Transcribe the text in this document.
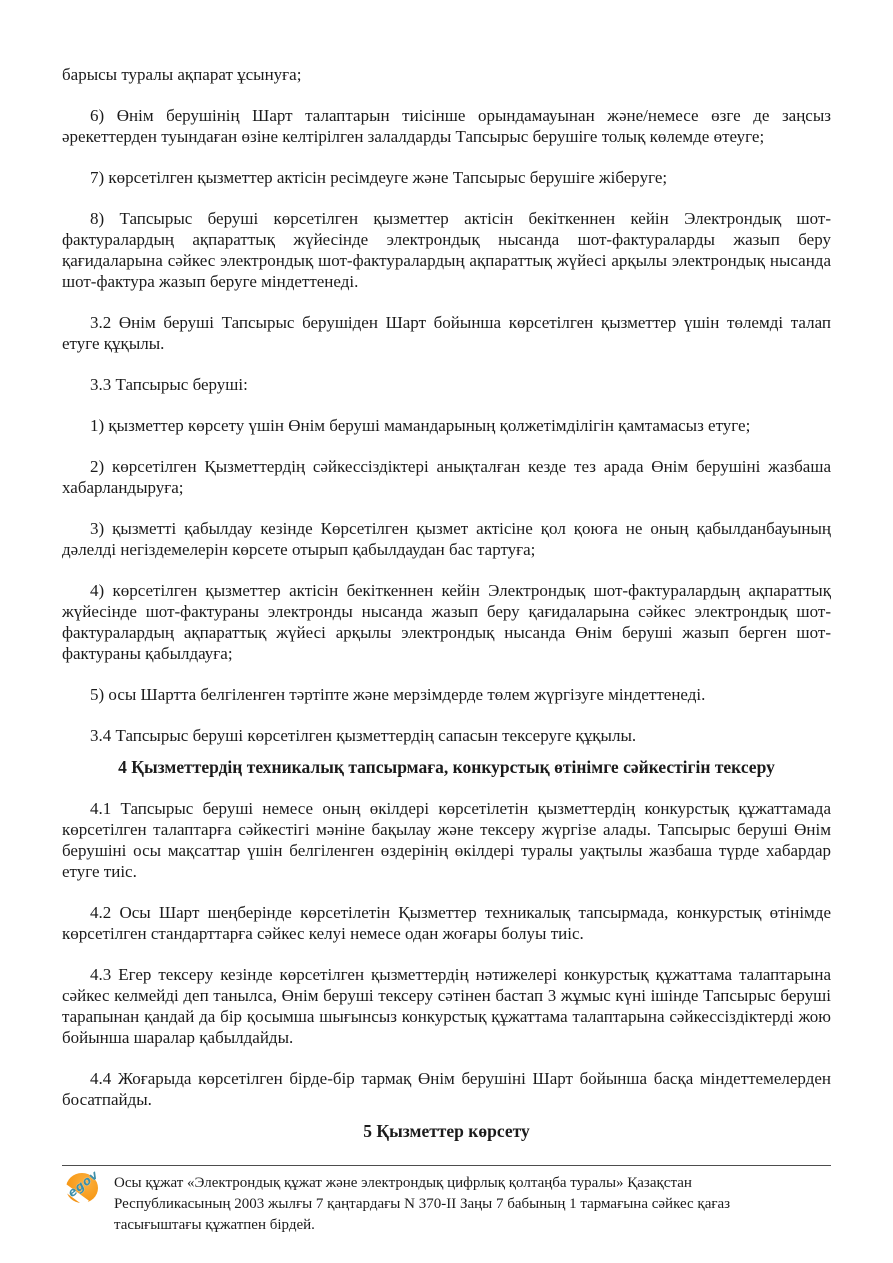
барысы туралы ақпарат ұсынуға;

6) Өнім берушінің Шарт талаптарын тиісінше орындамауынан және/немесе өзге де заңсыз әрекеттерден туындаған өзіне келтірілген залалдарды Тапсырыс берушіге толық көлемде өтеуге;

7) көрсетілген қызметтер актісін ресімдеуге және Тапсырыс берушіге жіберуге;

8) Тапсырыс беруші көрсетілген қызметтер актісін бекіткеннен кейін Электрондық шот-фактуралардың ақпараттық жүйесінде электрондық нысанда шот-фактураларды жазып беру қағидаларына сәйкес электрондық шот-фактуралардың ақпараттық жүйесі арқылы электрондық нысанда шот-фактура жазып беруге міндеттенеді.

3.2 Өнім беруші Тапсырыс берушіден Шарт бойынша көрсетілген қызметтер үшін төлемді талап етуге құқылы.

3.3 Тапсырыс беруші:

1) қызметтер көрсету үшін Өнім беруші мамандарының қолжетімділігін қамтамасыз етуге;

2) көрсетілген Қызметтердің сәйкессіздіктері анықталған кезде тез арада Өнім берушіні жазбаша хабарландыруға;

3) қызметті қабылдау кезінде Көрсетілген қызмет актісіне қол қоюға не оның қабылданбауының дәлелді негіздемелерін көрсете отырып қабылдаудан бас тартуға;

4) көрсетілген қызметтер актісін бекіткеннен кейін Электрондық шот-фактуралардың ақпараттық жүйесінде шот-фактураны электронды нысанда жазып беру қағидаларына сәйкес электрондық шот-фактуралардың ақпараттық жүйесі арқылы электрондық нысанда Өнім беруші жазып берген шот-фактураны қабылдауға;

5) осы Шартта белгіленген тәртіпте және мерзімдерде төлем жүргізуге міндеттенеді.

3.4 Тапсырыс беруші көрсетілген қызметтердің сапасын тексеруге құқылы.

4 Қызметтердің техникалық тапсырмаға, конкурстық өтінімге сәйкестігін тексеру

4.1 Тапсырыс беруші немесе оның өкілдері көрсетілетін қызметтердің конкурстық құжаттамада көрсетілген талаптарға сәйкестігі мәніне бақылау және тексеру жүргізе алады. Тапсырыс беруші Өнім берушіні осы мақсаттар үшін белгіленген өздерінің өкілдері туралы уақтылы жазбаша түрде хабардар етуге тиіс.

4.2 Осы Шарт шеңберінде көрсетілетін Қызметтер техникалық тапсырмада, конкурстық өтінімде көрсетілген стандарттарға сәйкес келуі немесе одан жоғары болуы тиіс.

4.3 Егер тексеру кезінде көрсетілген қызметтердің нәтижелері конкурстық құжаттама талаптарына сәйкес келмейді деп танылса, Өнім беруші тексеру сәтінен бастап 3 жұмыс күні ішінде Тапсырыс беруші тарапынан қандай да бір қосымша шығынсыз конкурстық құжаттама талаптарына сәйкессіздіктерді жою бойынша шаралар қабылдайды.

4.4 Жоғарыда көрсетілген бірде-бір тармақ Өнім берушіні Шарт бойынша басқа міндеттемелерден босатпайды.

5 Қызметтер көрсету

egov Осы құжат «Электрондық құжат және электрондық цифрлық қолтаңба туралы» Қазақстан
Республикасының 2003 жылғы 7 қаңтардағы N 370-II Заңы 7 бабының 1 тармағына сәйкес қағаз
тасығыштағы құжатпен бірдей.
